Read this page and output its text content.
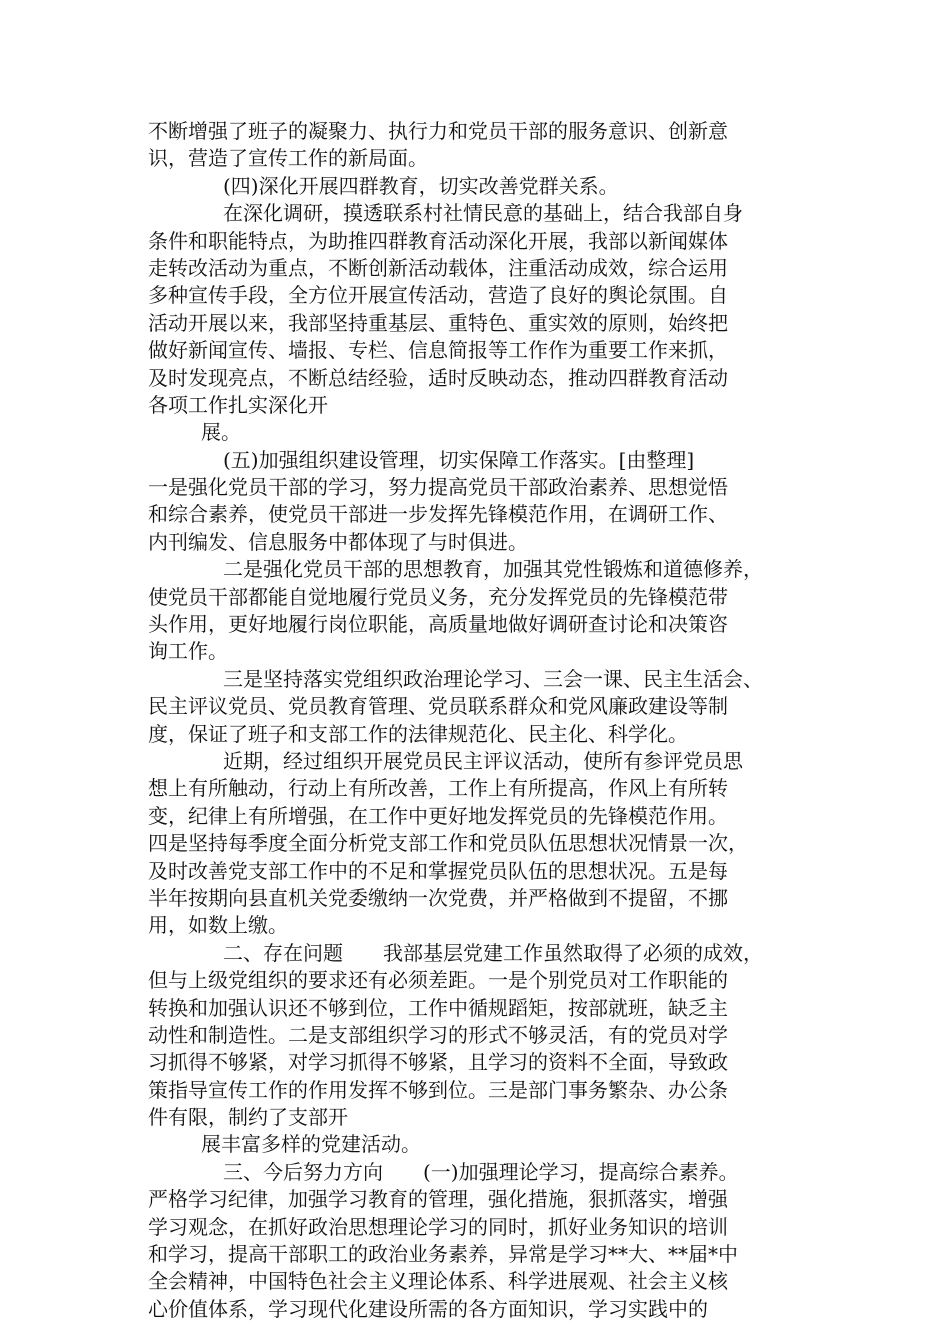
不断增强了班子的凝聚力、执行力和党员干部的服务意识、创新意
识，营造了宣传工作的新局面。
(四)深化开展四群教育，切实改善党群关系。
在深化调研，摸透联系村社情民意的基础上，结合我部自身
条件和职能特点，为助推四群教育活动深化开展，我部以新闻媒体
走转改活动为重点，不断创新活动载体，注重活动成效，综合运用
多种宣传手段，全方位开展宣传活动，营造了良好的舆论氛围。自
活动开展以来，我部坚持重基层、重特色、重实效的原则，始终把
做好新闻宣传、墙报、专栏、信息简报等工作作为重要工作来抓，
及时发现亮点，不断总结经验，适时反映动态，推动四群教育活动
各项工作扎实深化开
展。
(五)加强组织建设管理，切实保障工作落实。[由整理]
一是强化党员干部的学习，努力提高党员干部政治素养、思想觉悟
和综合素养，使党员干部进一步发挥先锋模范作用，在调研工作、
内刊编发、信息服务中都体现了与时俱进。
二是强化党员干部的思想教育，加强其党性锻炼和道德修养，
使党员干部都能自觉地履行党员义务，充分发挥党员的先锋模范带
头作用，更好地履行岗位职能，高质量地做好调研查讨论和决策咨
询工作。
三是坚持落实党组织政治理论学习、三会一课、民主生活会、
民主评议党员、党员教育管理、党员联系群众和党风廉政建设等制
度，保证了班子和支部工作的法律规范化、民主化、科学化。
近期，经过组织开展党员民主评议活动，使所有参评党员思
想上有所触动，行动上有所改善，工作上有所提高，作风上有所转
变，纪律上有所增强，在工作中更好地发挥党员的先锋模范作用。
四是坚持每季度全面分析党支部工作和党员队伍思想状况情景一次，
及时改善党支部工作中的不足和掌握党员队伍的思想状况。五是每
半年按期向县直机关党委缴纳一次党费，并严格做到不提留，不挪
用，如数上缴。
二、存在问题　　我部基层党建工作虽然取得了必须的成效，
但与上级党组织的要求还有必须差距。一是个别党员对工作职能的
转换和加强认识还不够到位，工作中循规蹈矩，按部就班，缺乏主
动性和制造性。二是支部组织学习的形式不够灵活，有的党员对学
习抓得不够紧，对学习抓得不够紧，且学习的资料不全面，导致政
策指导宣传工作的作用发挥不够到位。三是部门事务繁杂、办公条
件有限，制约了支部开
展丰富多样的党建活动。
三、今后努力方向　　(一)加强理论学习，提高综合素养。
严格学习纪律，加强学习教育的管理，强化措施，狠抓落实，增强
学习观念，在抓好政治思想理论学习的同时，抓好业务知识的培训
和学习，提高干部职工的政治业务素养，异常是学习**大、**届*中
全会精神，中国特色社会主义理论体系、科学进展观、社会主义核
心价值体系，学习现代化建设所需的各方面知识，学习实践中的
